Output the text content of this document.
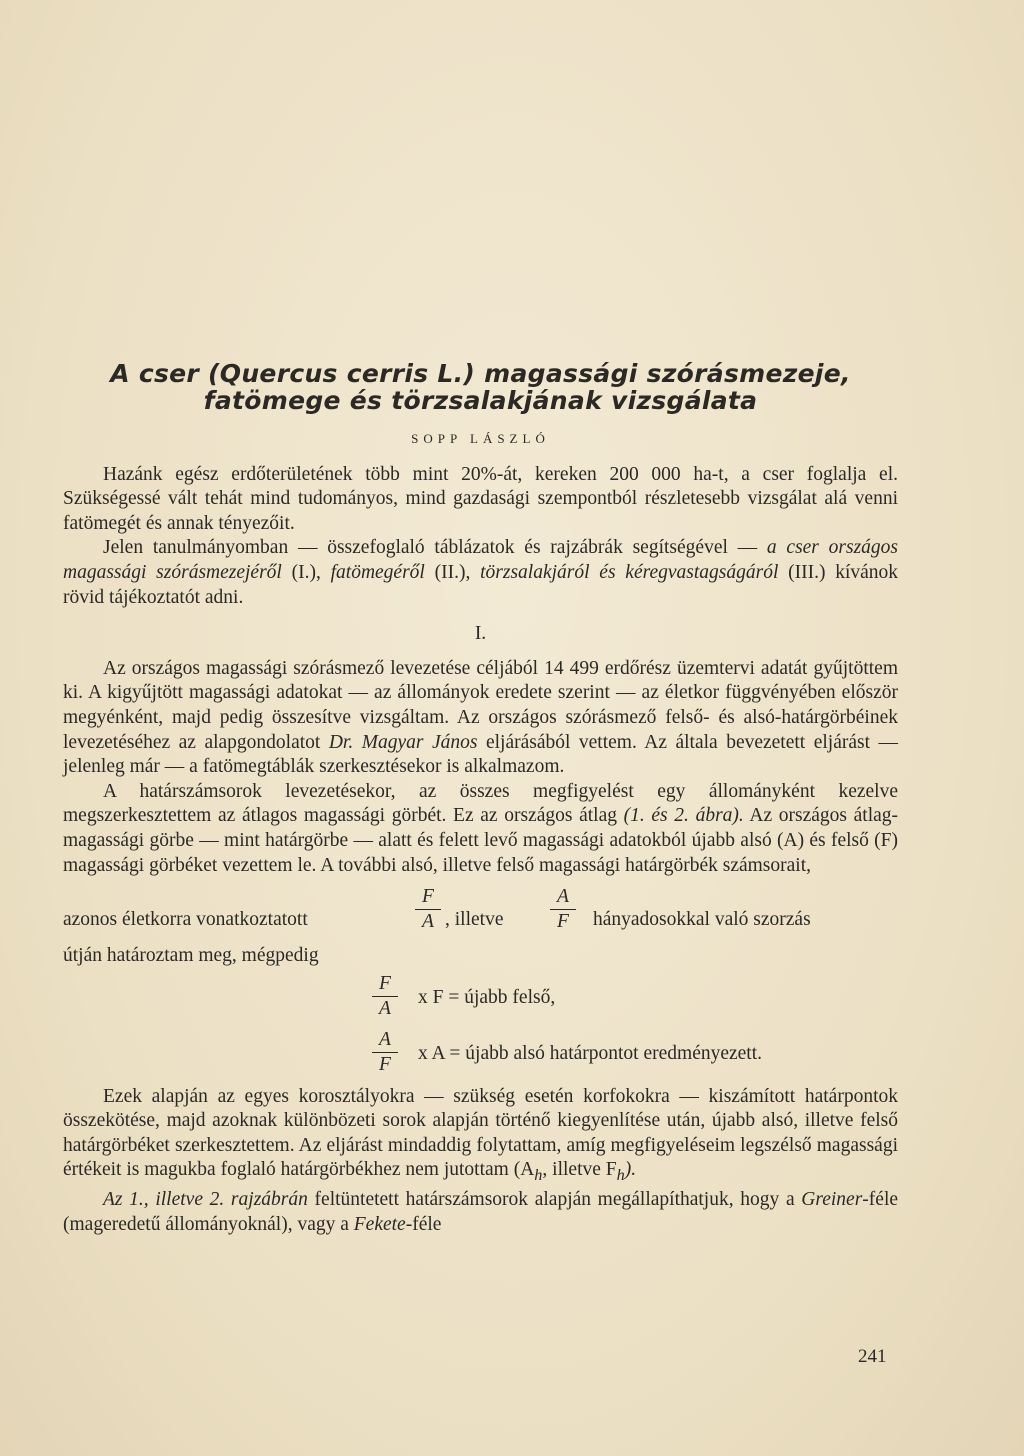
A cser (Quercus cerris L.) magassági szórásmezeje,
fatömege és törzsalakjának vizsgálata
SOPP LÁSZLÓ

Hazánk egész erdőterületének több mint 20%-át, kereken 200 000 ha-t, a cser foglalja el. Szükségessé vált tehát mind tudományos, mind gazdasági szempontból részletesebb vizsgálat alá venni fatömegét és annak tényezőit.

Jelen tanulmányomban — összefoglaló táblázatok és rajzábrák segítségével — a cser országos magassági szórásmezejéről (I.), fatömegéről (II.), törzsalakjáról és kéregvastagságáról (III.) kívánok rövid tájékoztatót adni.

I.

Az országos magassági szórásmező levezetése céljából 14 499 erdőrész üzemtervi adatát gyűjtöttem ki. A kigyűjtött magassági adatokat — az állományok eredete szerint — az életkor függvényében először megyénként, majd pedig összesítve vizsgáltam. Az országos szórásmező felső- és alsó-határgörbéinek levezetéséhez az alapgondolatot Dr. Magyar János eljárásából vettem. Az általa bevezetett eljárást — jelenleg már — a fatömegtáblák szerkesztésekor is alkalmazom.

A határszámsorok levezetésekor, az összes megfigyelést egy állományként kezelve megszerkesztettem az átlagos magassági görbét. Ez az országos átlag (1. és 2. ábra). Az országos átlag-magassági görbe — mint határgörbe — alatt és felett levő magassági adatokból újabb alsó (A) és felső (F) magassági görbéket vezettem le. A további alsó, illetve felső magassági határgörbék számsorait,

azonos életkorra vonatkoztatott
F
A , illetve
A
F	hányadosokkal való szorzás
útján határoztam meg, mégpedig
F
A
x F = újabb felső,
A
F
x A = újabb alsó határpontot eredményezett.

Ezek alapján az egyes korosztályokra — szükség esetén korfokokra — kiszámított határpontok összekötése, majd azoknak különbözeti sorok alapján történő kiegyenlítése után, újabb alsó, illetve felső határgörbéket szerkesztettem. Az eljárást mindaddig folytattam, amíg megfigyeléseim legszélső magassági értékeit is magukba foglaló határgörbékhez nem jutottam ($A_h$, illetve $F_h$).

Az 1., illetve 2. rajzábrán feltüntetett határszámsorok alapján megállapíthatjuk, hogy a Greiner-féle (mageredetű állományoknál), vagy a Fekete-féle

241
